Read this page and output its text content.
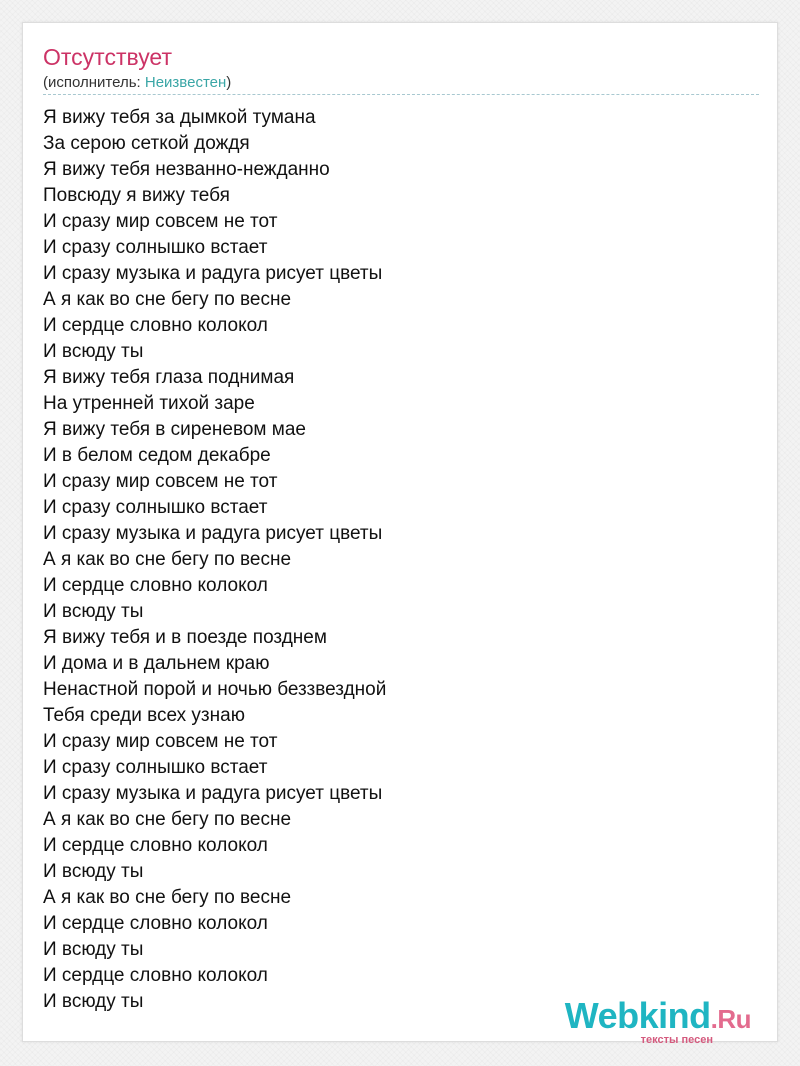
Отсутствует
(исполнитель: Неизвестен)
Я вижу тебя за дымкой тумана
За серою сеткой дождя
Я вижу тебя незванно-нежданно
Повсюду я вижу тебя
И сразу мир совсем не тот
И сразу солнышко встает
И сразу музыка и радуга рисует цветы
А я как во сне бегу по весне
И сердце словно колокол
И всюду ты
Я вижу тебя глаза поднимая
На утренней тихой заре
Я вижу тебя в сиреневом мае
И в белом седом декабре
И сразу мир совсем не тот
И сразу солнышко встает
И сразу музыка и радуга рисует цветы
А я как во сне бегу по весне
И сердце словно колокол
И всюду ты
Я вижу тебя и в поезде позднем
И дома и в дальнем краю
Ненастной порой и ночью беззвездной
Тебя среди всех узнаю
И сразу мир совсем не тот
И сразу солнышко встает
И сразу музыка и радуга рисует цветы
А я как во сне бегу по весне
И сердце словно колокол
И всюду ты
А я как во сне бегу по весне
И сердце словно колокол
И всюду ты
И сердце словно колокол
И всюду ты	Webkind.Ru
тексты песен
